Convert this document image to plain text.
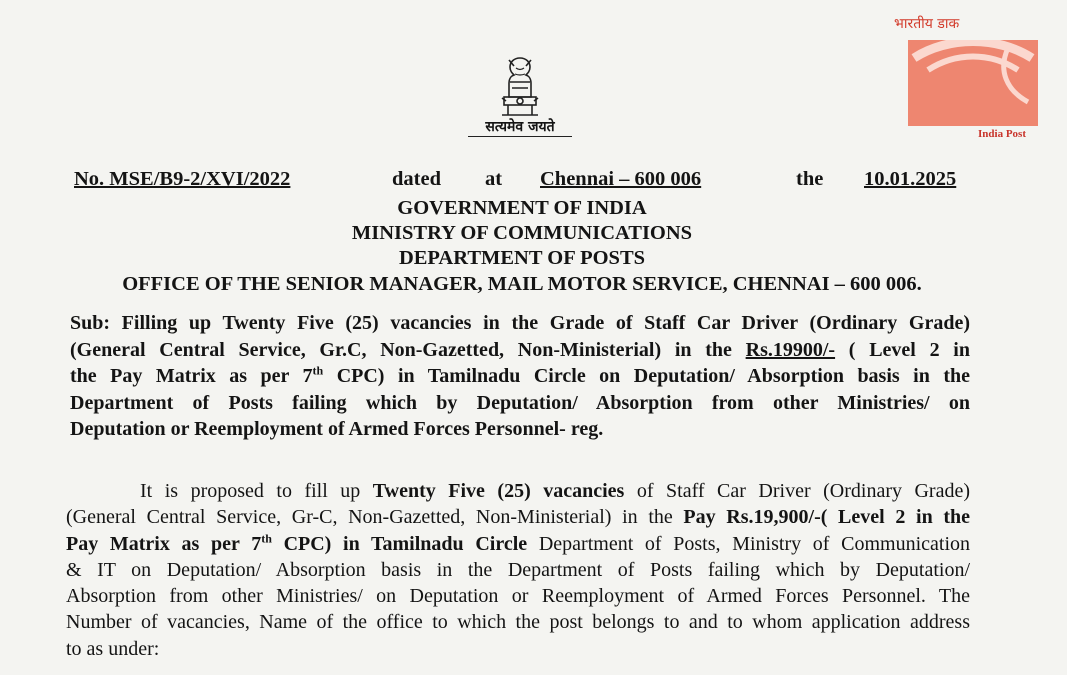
सत्यमेव जयते
भारतीय डाक
India Post
No. MSE/B9-2/XVI/2022	dated at Chennai – 600 006	the 10.01.2025
GOVERNMENT OF INDIA
MINISTRY OF COMMUNICATIONS
DEPARTMENT OF POSTS
OFFICE OF THE SENIOR MANAGER, MAIL MOTOR SERVICE, CHENNAI – 600 006.
Sub: Filling up Twenty Five (25) vacancies in the Grade of Staff Car Driver (Ordinary Grade)
(General Central Service, Gr.C, Non-Gazetted, Non-Ministerial) in the Rs.19900/- ( Level 2 in
the Pay Matrix as per 7th CPC) in Tamilnadu Circle on Deputation/ Absorption basis in the
Department of Posts failing which by Deputation/ Absorption from other Ministries/ on
Deputation or Reemployment of Armed Forces Personnel- reg.
It is proposed to fill up Twenty Five (25) vacancies of Staff Car Driver (Ordinary Grade)
(General Central Service, Gr-C, Non-Gazetted, Non-Ministerial) in the Pay Rs.19,900/-( Level 2 in the
Pay Matrix as per 7th CPC) in Tamilnadu Circle Department of Posts, Ministry of Communication
& IT on Deputation/ Absorption basis in the Department of Posts failing which by Deputation/
Absorption from other Ministries/ on Deputation or Reemployment of Armed Forces Personnel. The
Number of vacancies, Name of the office to which the post belongs to and to whom application address
to as under:
